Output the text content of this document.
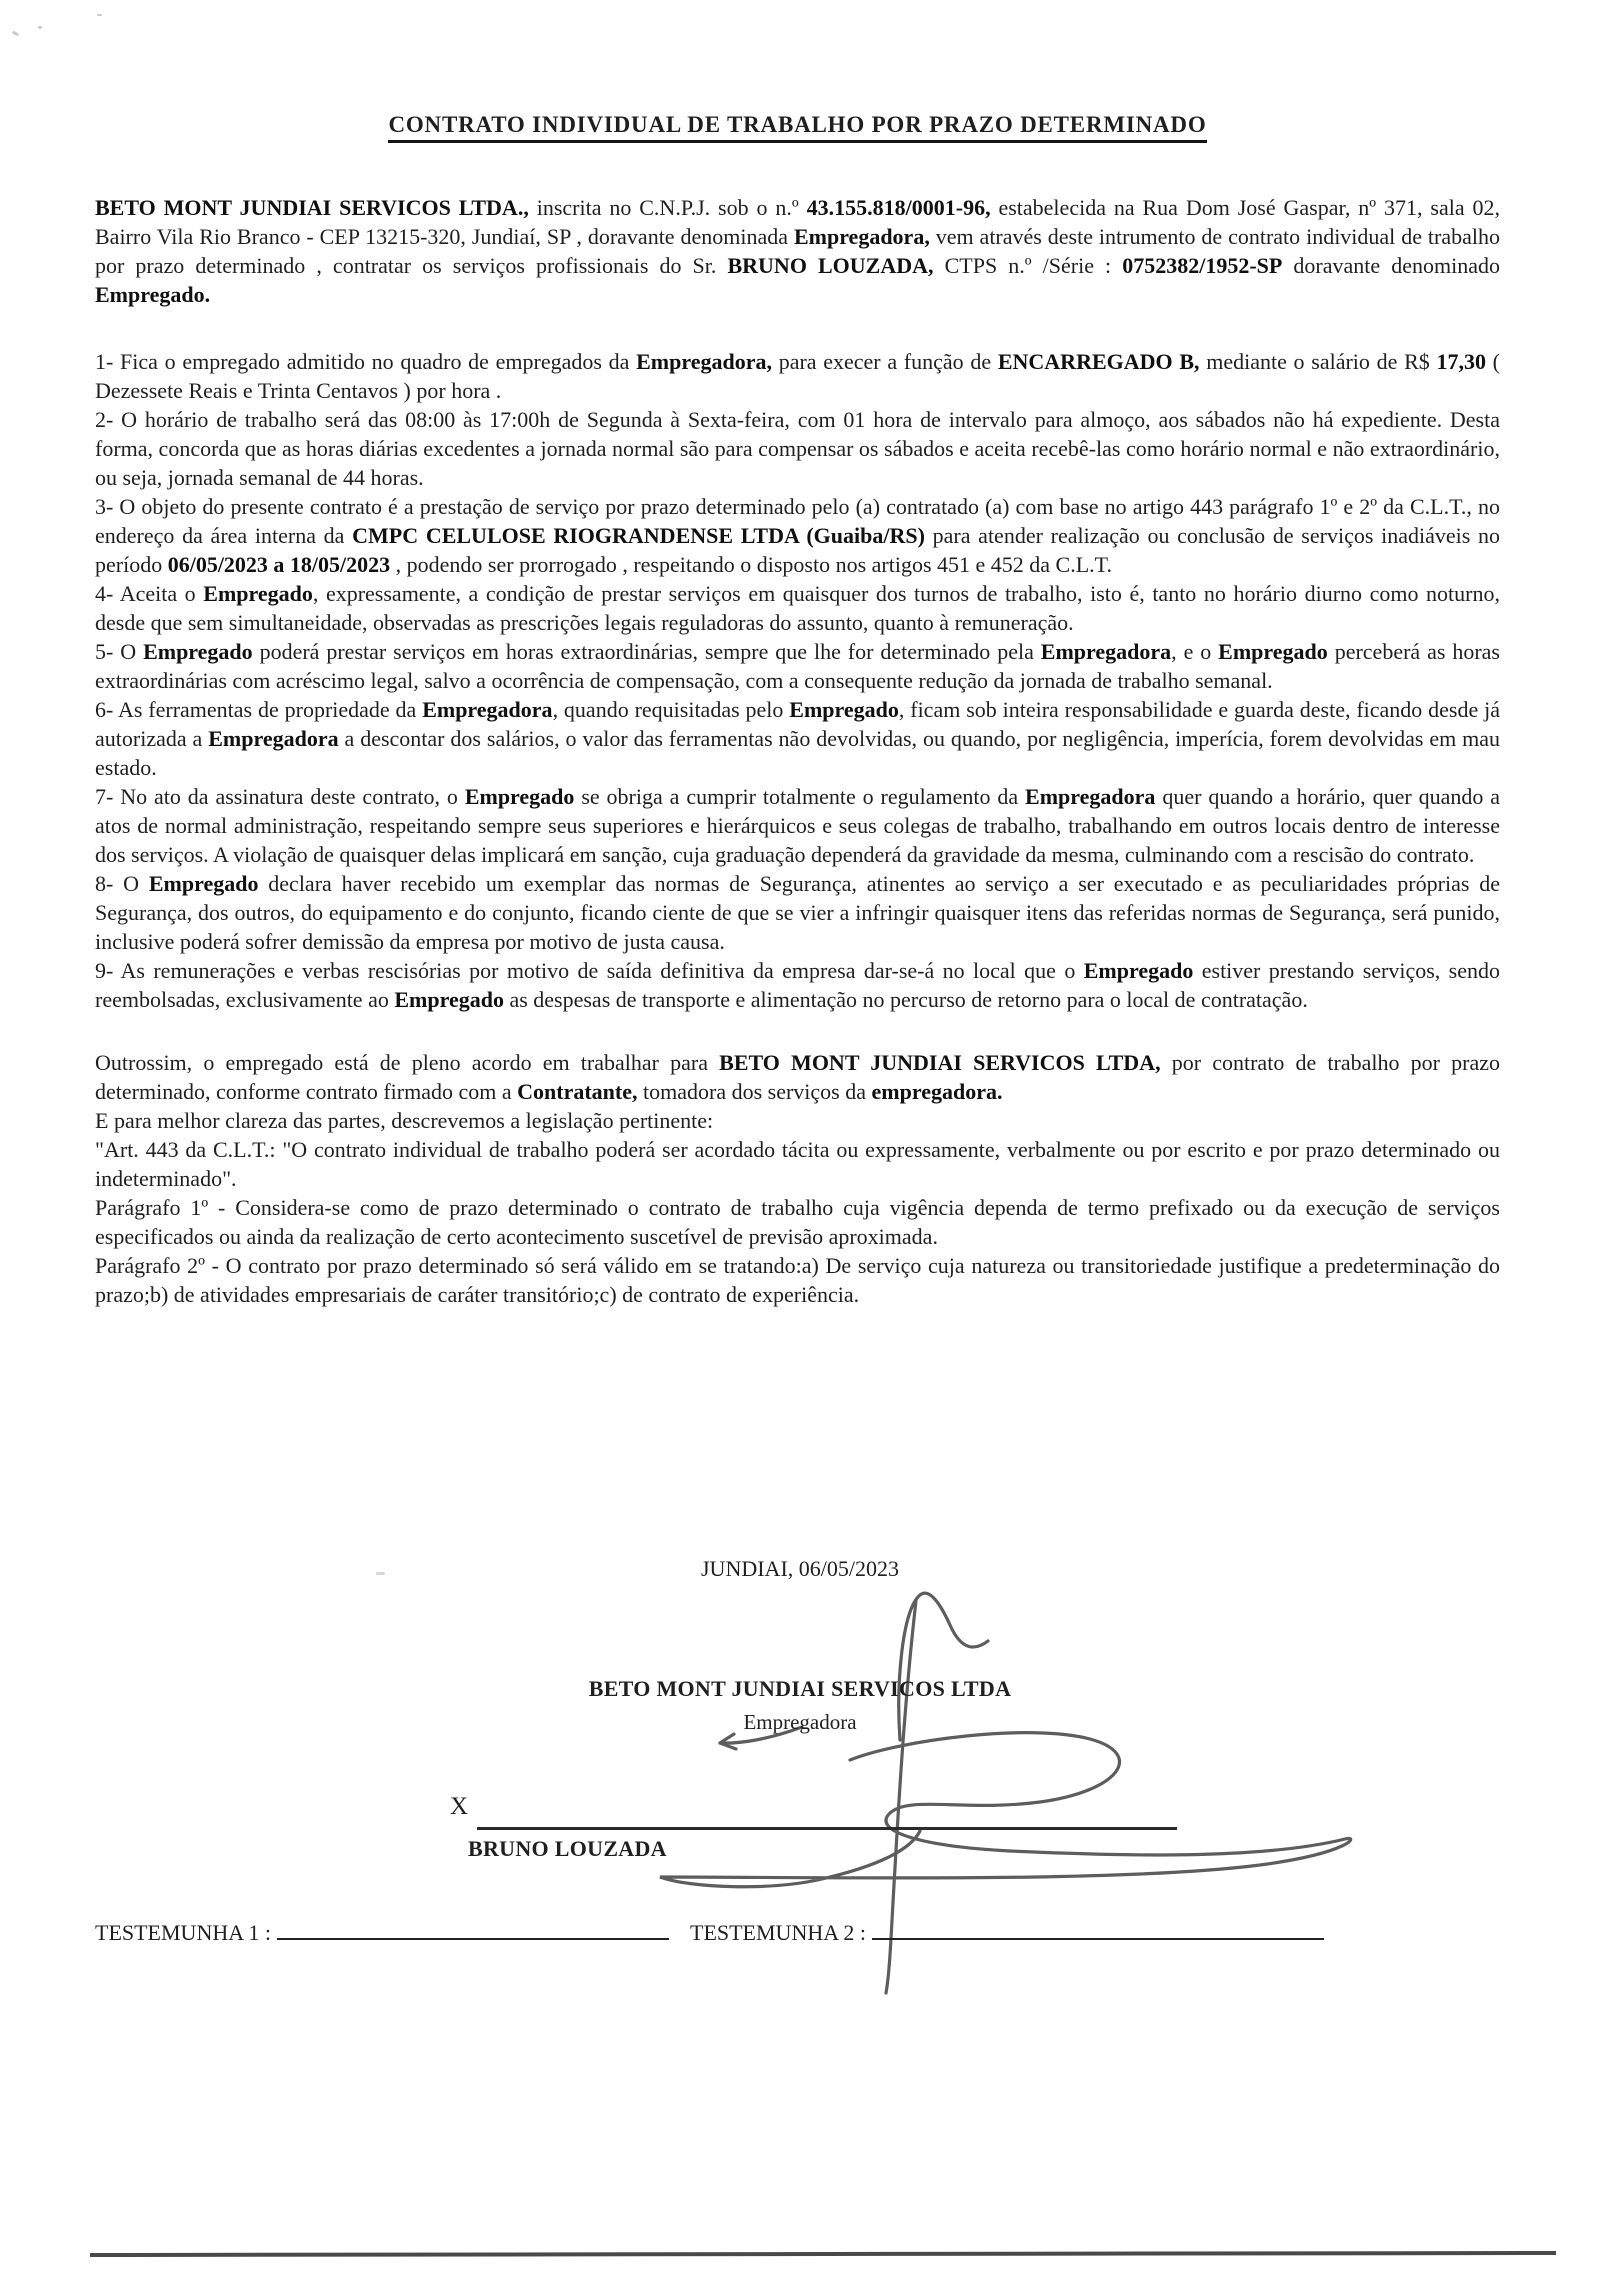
CONTRATO INDIVIDUAL DE TRABALHO POR PRAZO DETERMINADO

BETO MONT JUNDIAI SERVICOS LTDA., inscrita no C.N.P.J. sob o n.º 43.155.818/0001-96, estabelecida na Rua Dom José Gaspar, nº 371, sala 02, Bairro Vila Rio Branco - CEP 13215-320, Jundiaí, SP , doravante denominada Empregadora, vem através deste intrumento de contrato individual de trabalho por prazo determinado , contratar os serviços profissionais do Sr. BRUNO LOUZADA, CTPS n.º /Série : 0752382/1952-SP doravante denominado Empregado.

1- Fica o empregado admitido no quadro de empregados da Empregadora, para execer a função de ENCARREGADO B, mediante o salário de R$ 17,30 ( Dezessete Reais e Trinta Centavos ) por hora .

2- O horário de trabalho será das 08:00 às 17:00h de Segunda à Sexta-feira, com 01 hora de intervalo para almoço, aos sábados não há expediente. Desta forma, concorda que as horas diárias excedentes a jornada normal são para compensar os sábados e aceita recebê-las como horário normal e não extraordinário, ou seja, jornada semanal de 44 horas.

3- O objeto do presente contrato é a prestação de serviço por prazo determinado pelo (a) contratado (a) com base no artigo 443 parágrafo 1º e 2º da C.L.T., no endereço da área interna da CMPC CELULOSE RIOGRANDENSE LTDA (Guaiba/RS) para atender realização ou conclusão de serviços inadiáveis no período 06/05/2023 a 18/05/2023 , podendo ser prorrogado , respeitando o disposto nos artigos 451 e 452 da C.L.T.

4- Aceita o Empregado, expressamente, a condição de prestar serviços em quaisquer dos turnos de trabalho, isto é, tanto no horário diurno como noturno, desde que sem simultaneidade, observadas as prescrições legais reguladoras do assunto, quanto à remuneração.

5- O Empregado poderá prestar serviços em horas extraordinárias, sempre que lhe for determinado pela Empregadora, e o Empregado perceberá as horas extraordinárias com acréscimo legal, salvo a ocorrência de compensação, com a consequente redução da jornada de trabalho semanal.

6- As ferramentas de propriedade da Empregadora, quando requisitadas pelo Empregado, ficam sob inteira responsabilidade e guarda deste, ficando desde já autorizada a Empregadora a descontar dos salários, o valor das ferramentas não devolvidas, ou quando, por negligência, imperícia, forem devolvidas em mau estado.

7- No ato da assinatura deste contrato, o Empregado se obriga a cumprir totalmente o regulamento da Empregadora quer quando a horário, quer quando a atos de normal administração, respeitando sempre seus superiores e hierárquicos e seus colegas de trabalho, trabalhando em outros locais dentro de interesse dos serviços. A violação de quaisquer delas implicará em sanção, cuja graduação dependerá da gravidade da mesma, culminando com a rescisão do contrato.

8- O Empregado declara haver recebido um exemplar das normas de Segurança, atinentes ao serviço a ser executado e as peculiaridades próprias de Segurança, dos outros, do equipamento e do conjunto, ficando ciente de que se vier a infringir quaisquer itens das referidas normas de Segurança, será punido, inclusive poderá sofrer demissão da empresa por motivo de justa causa.

9- As remunerações e verbas rescisórias por motivo de saída definitiva da empresa dar-se-á no local que o Empregado estiver prestando serviços, sendo reembolsadas, exclusivamente ao Empregado as despesas de transporte e alimentação no percurso de retorno para o local de contratação.

Outrossim, o empregado está de pleno acordo em trabalhar para BETO MONT JUNDIAI SERVICOS LTDA, por contrato de trabalho por prazo determinado, conforme contrato firmado com a Contratante, tomadora dos serviços da empregadora.

E para melhor clareza das partes, descrevemos a legislação pertinente:

"Art. 443 da C.L.T.: "O contrato individual de trabalho poderá ser acordado tácita ou expressamente, verbalmente ou por escrito e por prazo determinado ou indeterminado".

Parágrafo 1º - Considera-se como de prazo determinado o contrato de trabalho cuja vigência dependa de termo prefixado ou da execução de serviços especificados ou ainda da realização de certo acontecimento suscetível de previsão aproximada.

Parágrafo 2º - O contrato por prazo determinado só será válido em se tratando:a) De serviço cuja natureza ou transitoriedade justifique a predeterminação do prazo;b) de atividades empresariais de caráter transitório;c) de contrato de experiência.

JUNDIAI, 06/05/2023
BETO MONT JUNDIAI SERVICOS LTDA
Empregadora
X
BRUNO LOUZADA
TESTEMUNHA 1 :	TESTEMUNHA 2 :
